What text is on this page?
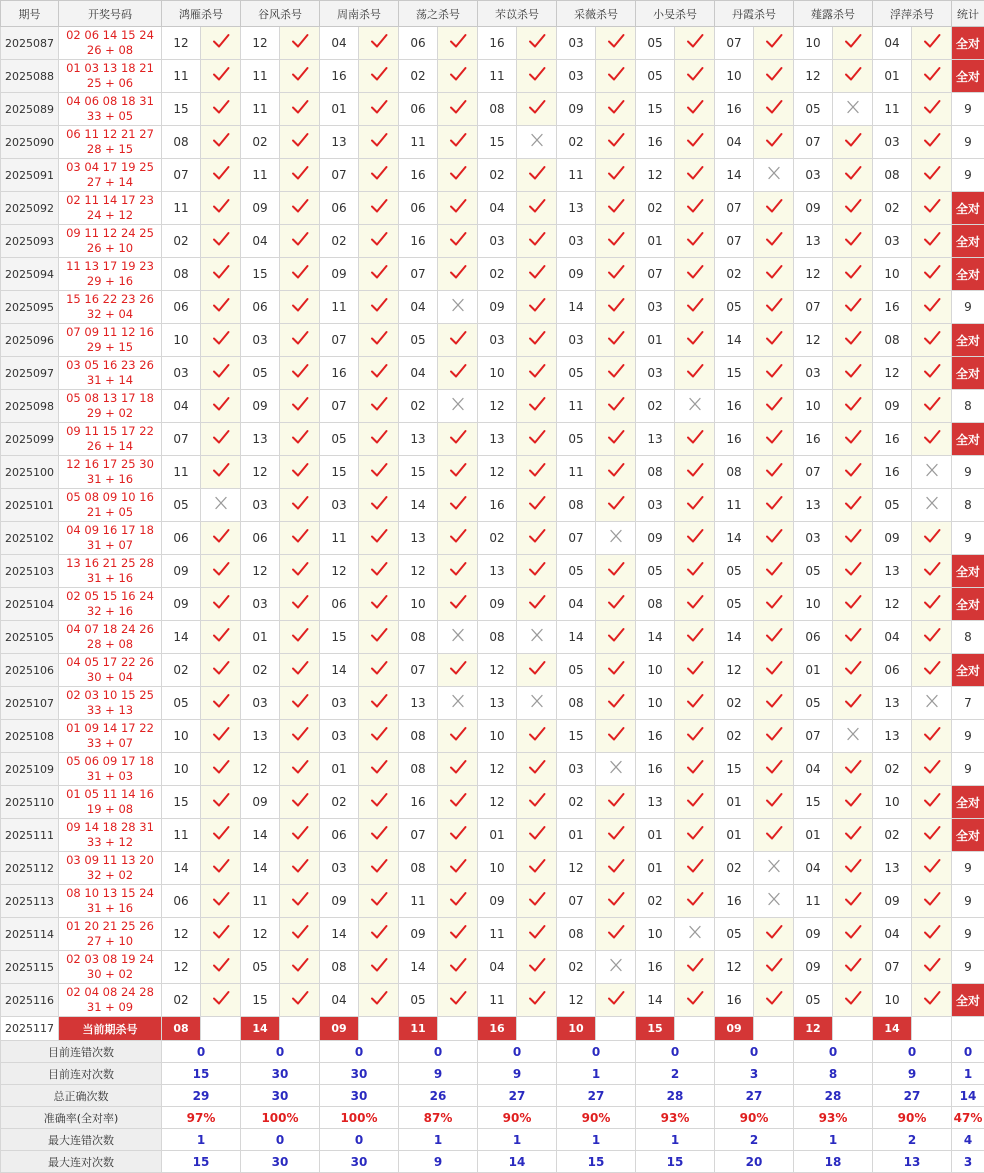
期号	开奖号码	鸿雁杀号		谷风杀号		周南杀号		荡之杀号		芣苡杀号		采薇杀号		小旻杀号		丹霞杀号		薤露杀号		浮萍杀号		统计
2025087	02 06 14 15 24 26 + 08	12		12		04		06		16		03		05		07		10		04		全对
2025088	01 03 13 18 21 25 + 06	11		11		16		02		11		03		05		10		12		01		全对
2025089	04 06 08 18 31 33 + 05	15		11		01		06		08		09		15		16		05		11		9
2025090	06 11 12 21 27 28 + 15	08		02		13		11		15		02		16		04		07		03		9
2025091	03 04 17 19 25 27 + 14	07		11		07		16		02		11		12		14		03		08		9
2025092	02 11 14 17 23 24 + 12	11		09		06		06		04		13		02		07		09		02		全对
2025093	09 11 12 24 25 26 + 10	02		04		02		16		03		03		01		07		13		03		全对
2025094	11 13 17 19 23 29 + 16	08		15		09		07		02		09		07		02		12		10		全对
2025095	15 16 22 23 26 32 + 04	06		06		11		04		09		14		03		05		07		16		9
2025096	07 09 11 12 16 29 + 15	10		03		07		05		03		03		01		14		12		08		全对
2025097	03 05 16 23 26 31 + 14	03		05		16		04		10		05		03		15		03		12		全对
2025098	05 08 13 17 18 29 + 02	04		09		07		02		12		11		02		16		10		09		8
2025099	09 11 15 17 22 26 + 14	07		13		05		13		13		05		13		16		16		16		全对
2025100	12 16 17 25 30 31 + 16	11		12		15		15		12		11		08		08		07		16		9
2025101	05 08 09 10 16 21 + 05	05		03		03		14		16		08		03		11		13		05		8
2025102	04 09 16 17 18 31 + 07	06		06		11		13		02		07		09		14		03		09		9
2025103	13 16 21 25 28 31 + 16	09		12		12		12		13		05		05		05		05		13		全对
2025104	02 05 15 16 24 32 + 16	09		03		06		10		09		04		08		05		10		12		全对
2025105	04 07 18 24 26 28 + 08	14		01		15		08		08		14		14		14		06		04		8
2025106	04 05 17 22 26 30 + 04	02		02		14		07		12		05		10		12		01		06		全对
2025107	02 03 10 15 25 33 + 13	05		03		03		13		13		08		10		02		05		13		7
2025108	01 09 14 17 22 33 + 07	10		13		03		08		10		15		16		02		07		13		9
2025109	05 06 09 17 18 31 + 03	10		12		01		08		12		03		16		15		04		02		9
2025110	01 05 11 14 16 19 + 08	15		09		02		16		12		02		13		01		15		10		全对
2025111	09 14 18 28 31 33 + 12	11		14		06		07		01		01		01		01		01		02		全对
2025112	03 09 11 13 20 32 + 02	14		14		03		08		10		12		01		02		04		13		9
2025113	08 10 13 15 24 31 + 16	06		11		09		11		09		07		02		16		11		09		9
2025114	01 20 21 25 26 27 + 10	12		12		14		09		11		08		10		05		09		04		9
2025115	02 03 08 19 24 30 + 02	12		05		08		14		04		02		16		12		09		07		9
2025116	02 04 08 24 28 31 + 09	02		15		04		05		11		12		14		16		05		10		全对
2025117	当前期杀号	08		14		09		11		16		10		15		09		12		14		
目前连错次数		0		0		0		0		0		0		0		0		0		0		0
目前连对次数		15		30		30		9		9		1		2		3		8		9		1
总正确次数		29		30		30		26		27		27		28		27		28		27		14
准确率(全对率)		97%		100%		100%		87%		90%		90%		93%		90%		93%		90%		47%
最大连错次数		1		0		0		1		1		1		1		2		1		2		4
最大连对次数		15		30		30		9		14		15		15		20		18		13		3
